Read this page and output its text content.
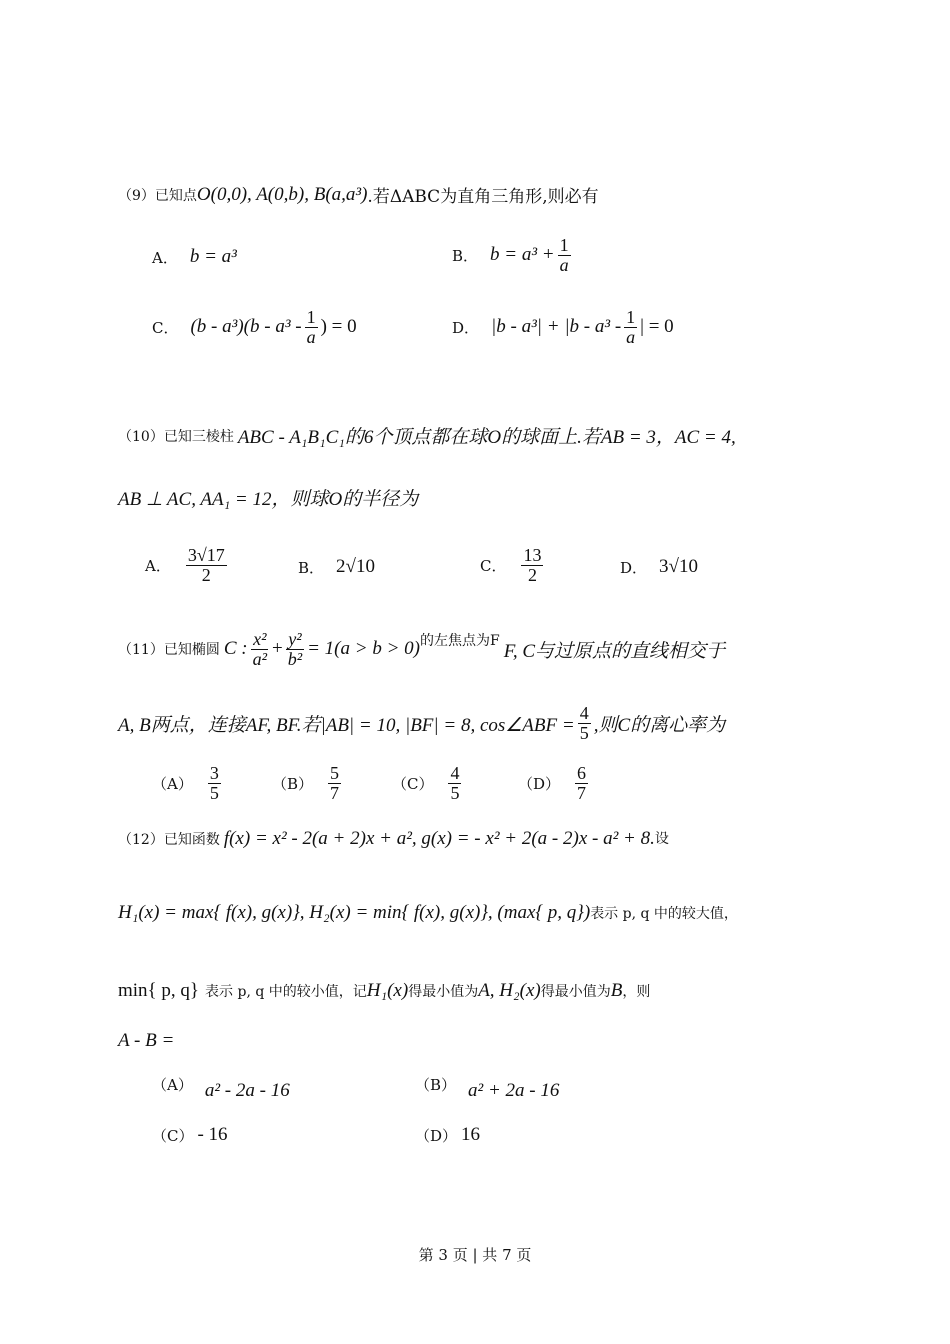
（9） 已知点 O(0,0), A(0,b), B(a,a³) .若ΔABC为直角三角形,则必有
A． b = a³	B． $b = a^3 + \frac{1}{a}$
C． $(b - a^3)(b - a^3 - \frac{1}{a}$ ) = 0	D． $|b - a^3| + |b - a^3 - \frac{1}{a}$ | = 0
（10） 已知三棱柱 ABC - A₁B₁C₁的6个顶点都在球O的球面上.若AB = 3，AC = 4,
AB ⊥ AC, AA₁ = 12，则球O的半径为
A． $\frac{3√17}{2}$	B． 2√10	C． $\frac{13}{2}$	D． 3√10
（11） 已知椭圆 C : $\frac{\text{x²}}{\text{a²}} + \frac{\text{y²}}{\text{b²}} = 1(a > b > 0)$ 的左焦点为F F, C与过原点的直线相交于
A, B两点，连接AF, BF.若|AB| = 10, |BF| = 8, cos∠ABF = $\frac{4}{5}$ ,则C的离心率为
$(A) \frac{3}{5}$	$(B) \frac{5}{7}$	$(C) \frac{4}{5}$	$(D) \frac{6}{7}$
（12） 已知函数 f(x) = x² - 2(a + 2)x + a², g(x) = - x² + 2(a - 2)x - a² + 8. 设
H₁(x) = max{ f(x), g(x)}, H₂(x) = min{ f(x), g(x)}, (max{ p, q}) 表示 p, q 中的较大值，
min{ p, q} 表示 p, q 中的较小值，记 H₁(x) 得最小值为 A, H₂(x) 得最小值为 B ，则
A - B =
（A） a² - 2a - 16	（B） a² + 2a - 16
（C） - 16	（D） 16
第 3 页 | 共 7 页
